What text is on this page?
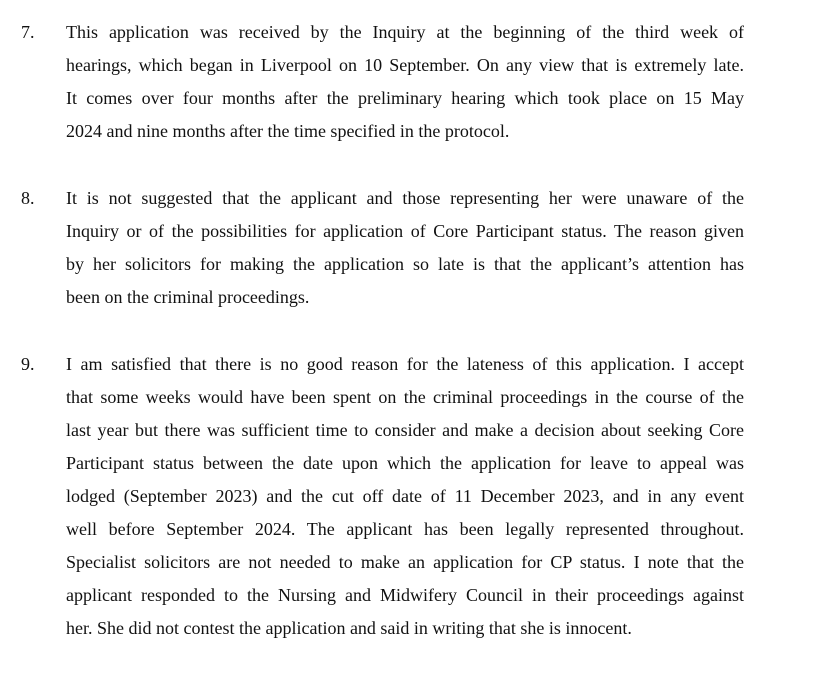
7. This application was received by the Inquiry at the beginning of the third week of
hearings, which began in Liverpool on 10 September. On any view that is extremely late.
It comes over four months after the preliminary hearing which took place on 15 May
2024 and nine months after the time specified in the protocol.
8. It is not suggested that the applicant and those representing her were unaware of the
Inquiry or of the possibilities for application of Core Participant status. The reason given
by her solicitors for making the application so late is that the applicant’s attention has
been on the criminal proceedings.
9. I am satisfied that there is no good reason for the lateness of this application. I accept
that some weeks would have been spent on the criminal proceedings in the course of the
last year but there was sufficient time to consider and make a decision about seeking Core
Participant status between the date upon which the application for leave to appeal was
lodged (September 2023) and the cut off date of 11 December 2023, and in any event
well before September 2024. The applicant has been legally represented throughout.
Specialist solicitors are not needed to make an application for CP status. I note that the
applicant responded to the Nursing and Midwifery Council in their proceedings against
her. She did not contest the application and said in writing that she is innocent.
